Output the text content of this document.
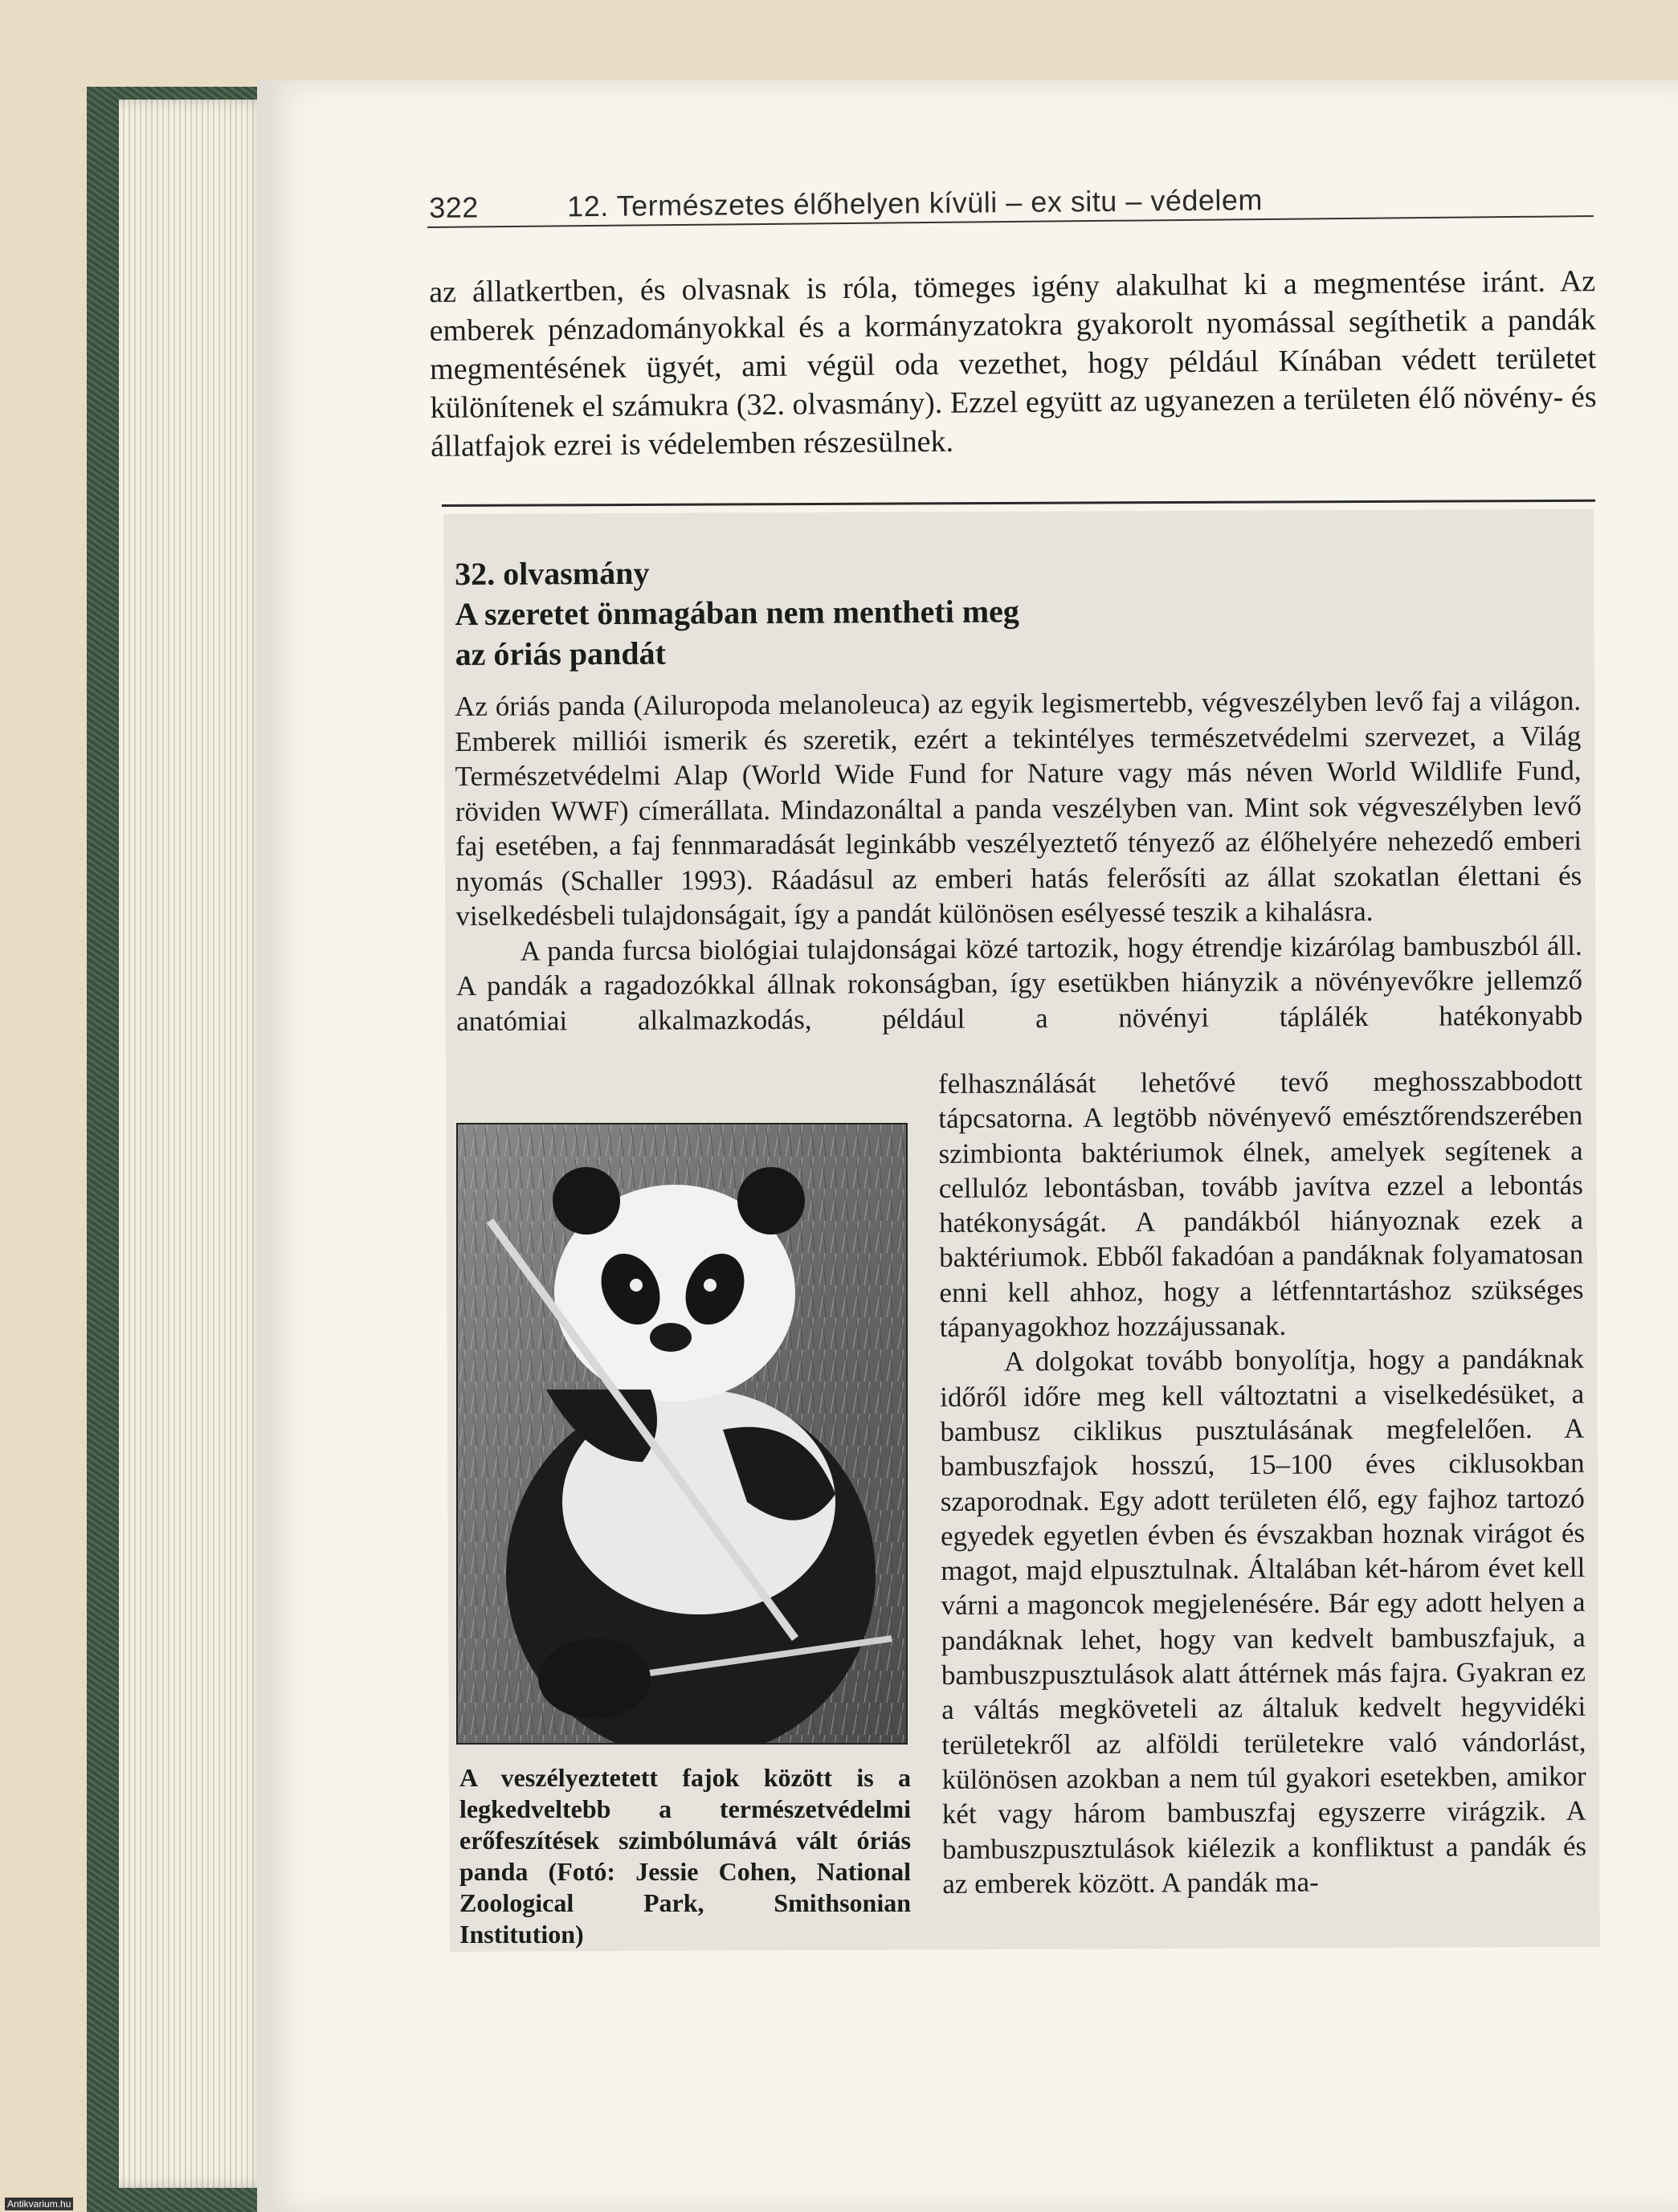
322	12. Természetes élőhelyen kívüli – ex situ – védelem

az állatkertben, és olvasnak is róla, tömeges igény alakulhat ki a megmentése iránt. Az emberek pénzadományokkal és a kormányzatokra gyakorolt nyomással segíthetik a pandák megmentésének ügyét, ami végül oda vezethet, hogy például Kínában védett területet különítenek el számukra (32. olvasmány). Ezzel együtt az ugyanezen a területen élő növény- és állatfajok ezrei is védelemben részesülnek.

32. olvasmány
A szeretet önmagában nem mentheti meg
az óriás pandát

Az óriás panda (Ailuropoda melanoleuca) az egyik legismertebb, végveszélyben levő faj a világon. Emberek milliói ismerik és szeretik, ezért a tekintélyes természetvédelmi szervezet, a Világ Természetvédelmi Alap (World Wide Fund for Nature vagy más néven World Wildlife Fund, röviden WWF) címerállata. Mindazonáltal a panda veszélyben van. Mint sok végveszélyben levő faj esetében, a faj fennmaradását leginkább veszélyeztető tényező az élőhelyére nehezedő emberi nyomás (Schaller 1993). Ráadásul az emberi hatás felerősíti az állat szokatlan élettani és viselkedésbeli tulajdonságait, így a pandát különösen esélyessé teszik a kihalásra.

A panda furcsa biológiai tulajdonságai közé tartozik, hogy étrendje kizárólag bambuszból áll. A pandák a ragadozókkal állnak rokonságban, így esetükben hiányzik a növényevőkre jellemző anatómiai alkalmazkodás, például a növényi táplálék hatékonyabb

felhasználását lehetővé tevő meghosszabbodott tápcsatorna. A legtöbb növényevő emésztőrendszerében szimbionta baktériumok élnek, amelyek segítenek a cellulóz lebontásban, tovább javítva ezzel a lebontás hatékonyságát. A pandákból hiányoznak ezek a baktériumok. Ebből fakadóan a pandáknak folyamatosan enni kell ahhoz, hogy a létfenntartáshoz szükséges tápanyagokhoz hozzájussanak.

A dolgokat tovább bonyolítja, hogy a pandáknak időről időre meg kell változtatni a viselkedésüket, a bambusz ciklikus pusztulásának megfelelően. A bambuszfajok hosszú, 15–100 éves ciklusokban szaporodnak. Egy adott területen élő, egy fajhoz tartozó egyedek egyetlen évben és évszakban hoznak virágot és magot, majd elpusztulnak. Általában két-három évet kell várni a magoncok megjelenésére. Bár egy adott helyen a pandáknak lehet, hogy van kedvelt bambuszfajuk, a bambuszpusztulások alatt áttérnek más fajra. Gyakran ez a váltás megköveteli az általuk kedvelt hegyvidéki területekről az alföldi területekre való vándorlást, különösen azokban a nem túl gyakori esetekben, amikor két vagy három bambuszfaj egyszerre virágzik. A bambuszpusztulások kiélezik a konfliktust a pandák és az emberek között. A pandák ma-

A veszélyeztetett fajok között is a legkedveltebb a természetvédelmi erőfeszítések szimbólumává vált óriás panda (Fotó: Jessie Cohen, National Zoological Park, Smithsonian Institution)

Antikvarium.hu
